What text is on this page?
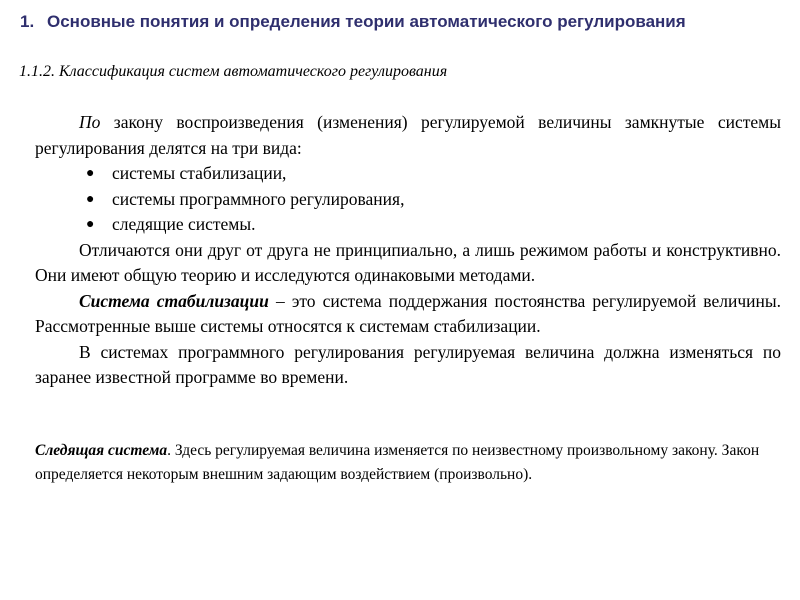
1. Основные понятия и определения теории автоматического регулирования
1.1.2. Классификация систем автоматического регулирования

По закону воспроизведения (изменения) регулируемой величины замкнутые системы регулирования делятся на три вида:

● системы стабилизации,
● системы программного регулирования,
● следящие системы.

Отличаются они друг от друга не принципиально, а лишь режимом работы и конструктивно. Они имеют общую теорию и исследуются одинаковыми методами.

Система стабилизации – это система поддержания постоянства регулируемой величины. Рассмотренные выше системы относятся к системам стабилизации.

В системах программного регулирования регулируемая величина должна изменяться по заранее известной программе во времени.

Следящая система. Здесь регулируемая величина изменяется по неизвестному произвольному закону. Закон определяется некоторым внешним задающим воздействием (произвольно).
